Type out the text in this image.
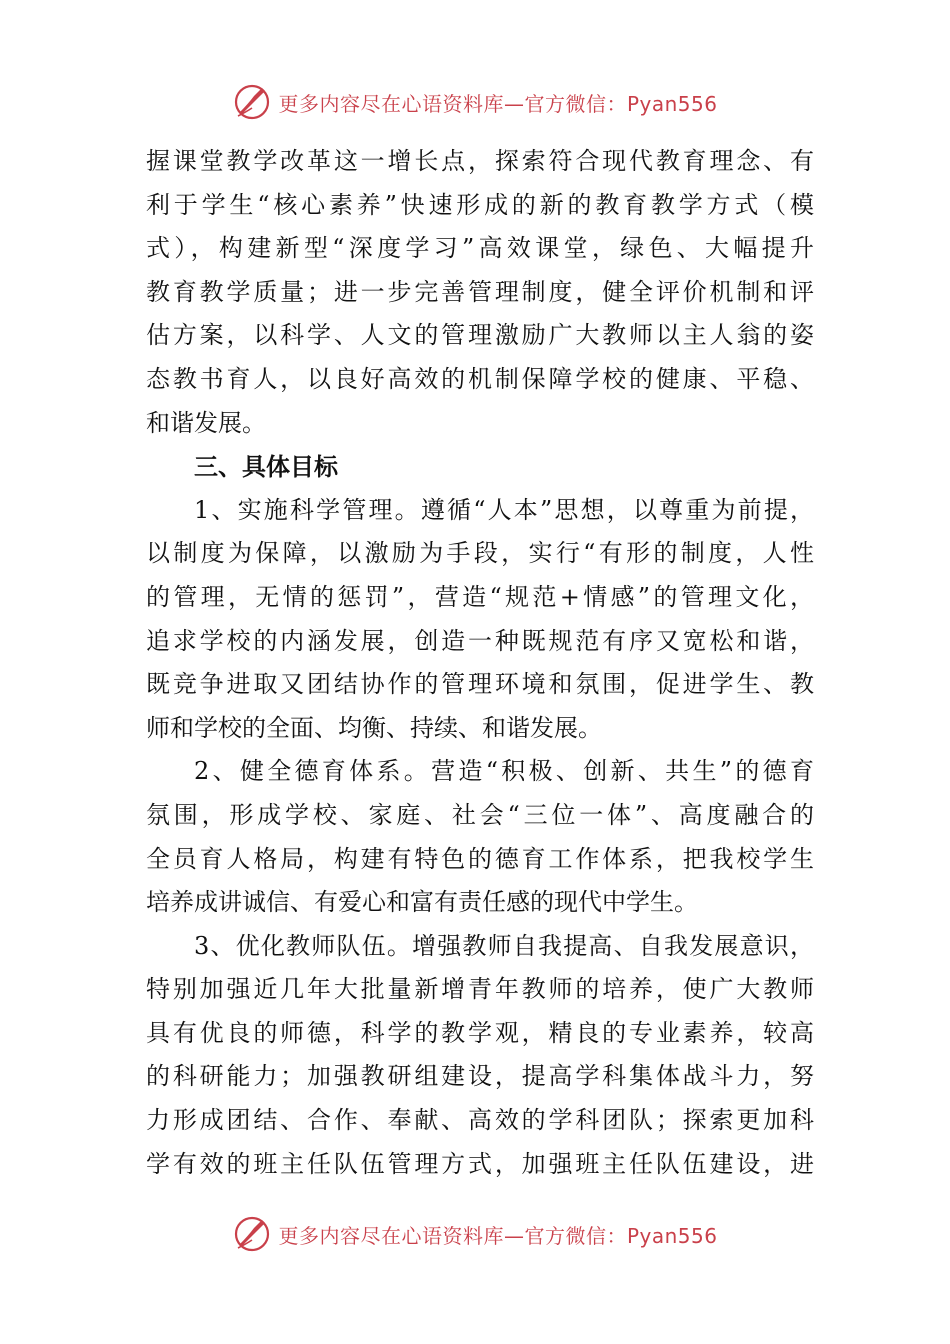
更多内容尽在心语资料库—官方微信：Pyan556
握课堂教学改革这一增长点，探索符合现代教育理念、有
利于学生“核心素养”快速形成的新的教育教学方式（模
式），构建新型“深度学习”高效课堂，绿色、大幅提升
教育教学质量；进一步完善管理制度，健全评价机制和评
估方案，以科学、人文的管理激励广大教师以主人翁的姿
态教书育人，以良好高效的机制保障学校的健康、平稳、
和谐发展。
三、具体目标
1、实施科学管理。遵循“人本”思想，以尊重为前提，
以制度为保障，以激励为手段，实行“有形的制度，人性
的管理，无情的惩罚”，营造“规范+情感”的管理文化，
追求学校的内涵发展，创造一种既规范有序又宽松和谐，
既竞争进取又团结协作的管理环境和氛围，促进学生、教
师和学校的全面、均衡、持续、和谐发展。
2、健全德育体系。营造“积极、创新、共生”的德育
氛围，形成学校、家庭、社会“三位一体”、高度融合的
全员育人格局，构建有特色的德育工作体系，把我校学生
培养成讲诚信、有爱心和富有责任感的现代中学生。
3、优化教师队伍。增强教师自我提高、自我发展意识，
特别加强近几年大批量新增青年教师的培养，使广大教师
具有优良的师德，科学的教学观，精良的专业素养，较高
的科研能力；加强教研组建设，提高学科集体战斗力，努
力形成团结、合作、奉献、高效的学科团队；探索更加科
学有效的班主任队伍管理方式，加强班主任队伍建设，进
更多内容尽在心语资料库—官方微信：Pyan556
